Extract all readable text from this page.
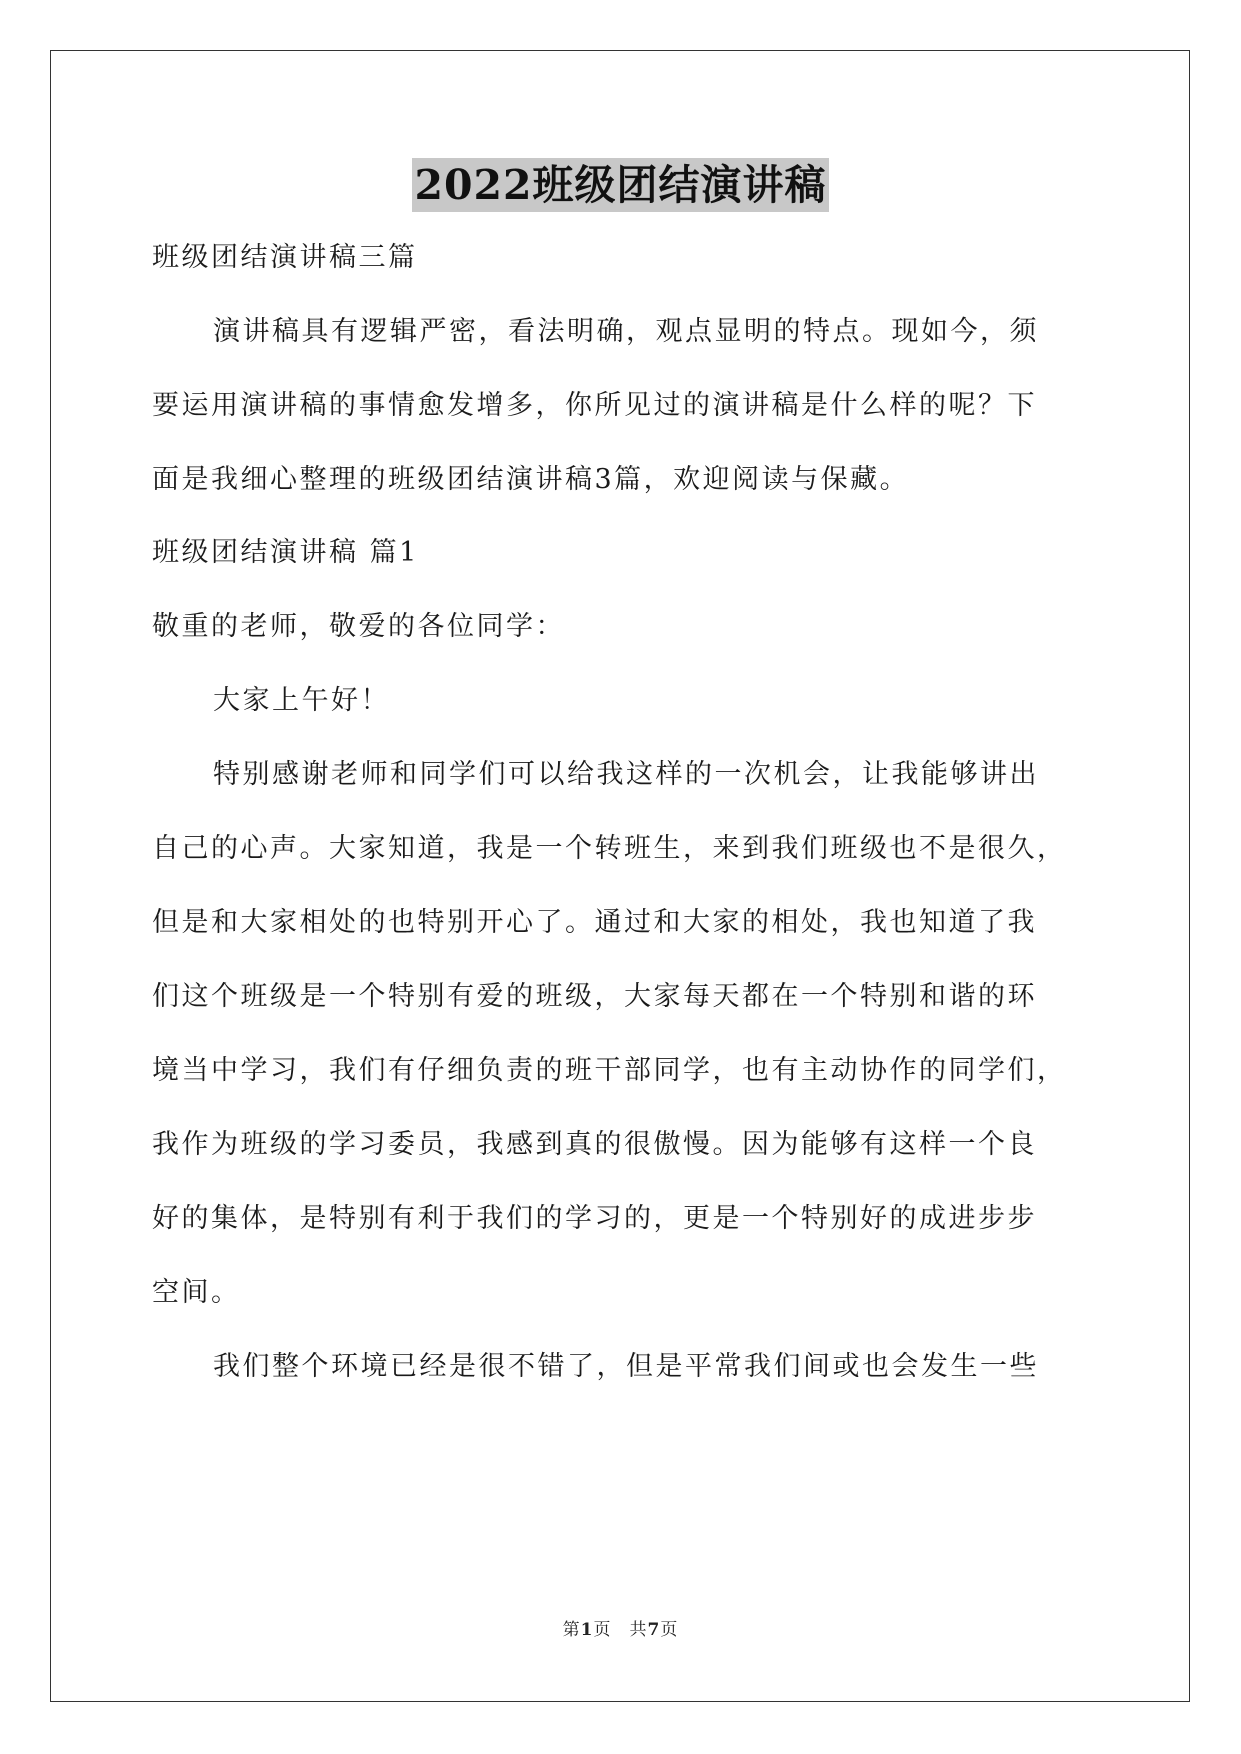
2022班级团结演讲稿
班级团结演讲稿三篇
演讲稿具有逻辑严密，看法明确，观点显明的特点。现如今，须
要运用演讲稿的事情愈发增多，你所见过的演讲稿是什么样的呢？下
面是我细心整理的班级团结演讲稿3篇，欢迎阅读与保藏。
班级团结演讲稿 篇1
敬重的老师，敬爱的各位同学：
大家上午好！
特别感谢老师和同学们可以给我这样的一次机会，让我能够讲出
自己的心声。大家知道，我是一个转班生，来到我们班级也不是很久，
但是和大家相处的也特别开心了。通过和大家的相处，我也知道了我
们这个班级是一个特别有爱的班级，大家每天都在一个特别和谐的环
境当中学习，我们有仔细负责的班干部同学，也有主动协作的同学们，
我作为班级的学习委员，我感到真的很傲慢。因为能够有这样一个良
好的集体，是特别有利于我们的学习的，更是一个特别好的成进步步
空间。
我们整个环境已经是很不错了，但是平常我们间或也会发生一些
第1页　共7页
